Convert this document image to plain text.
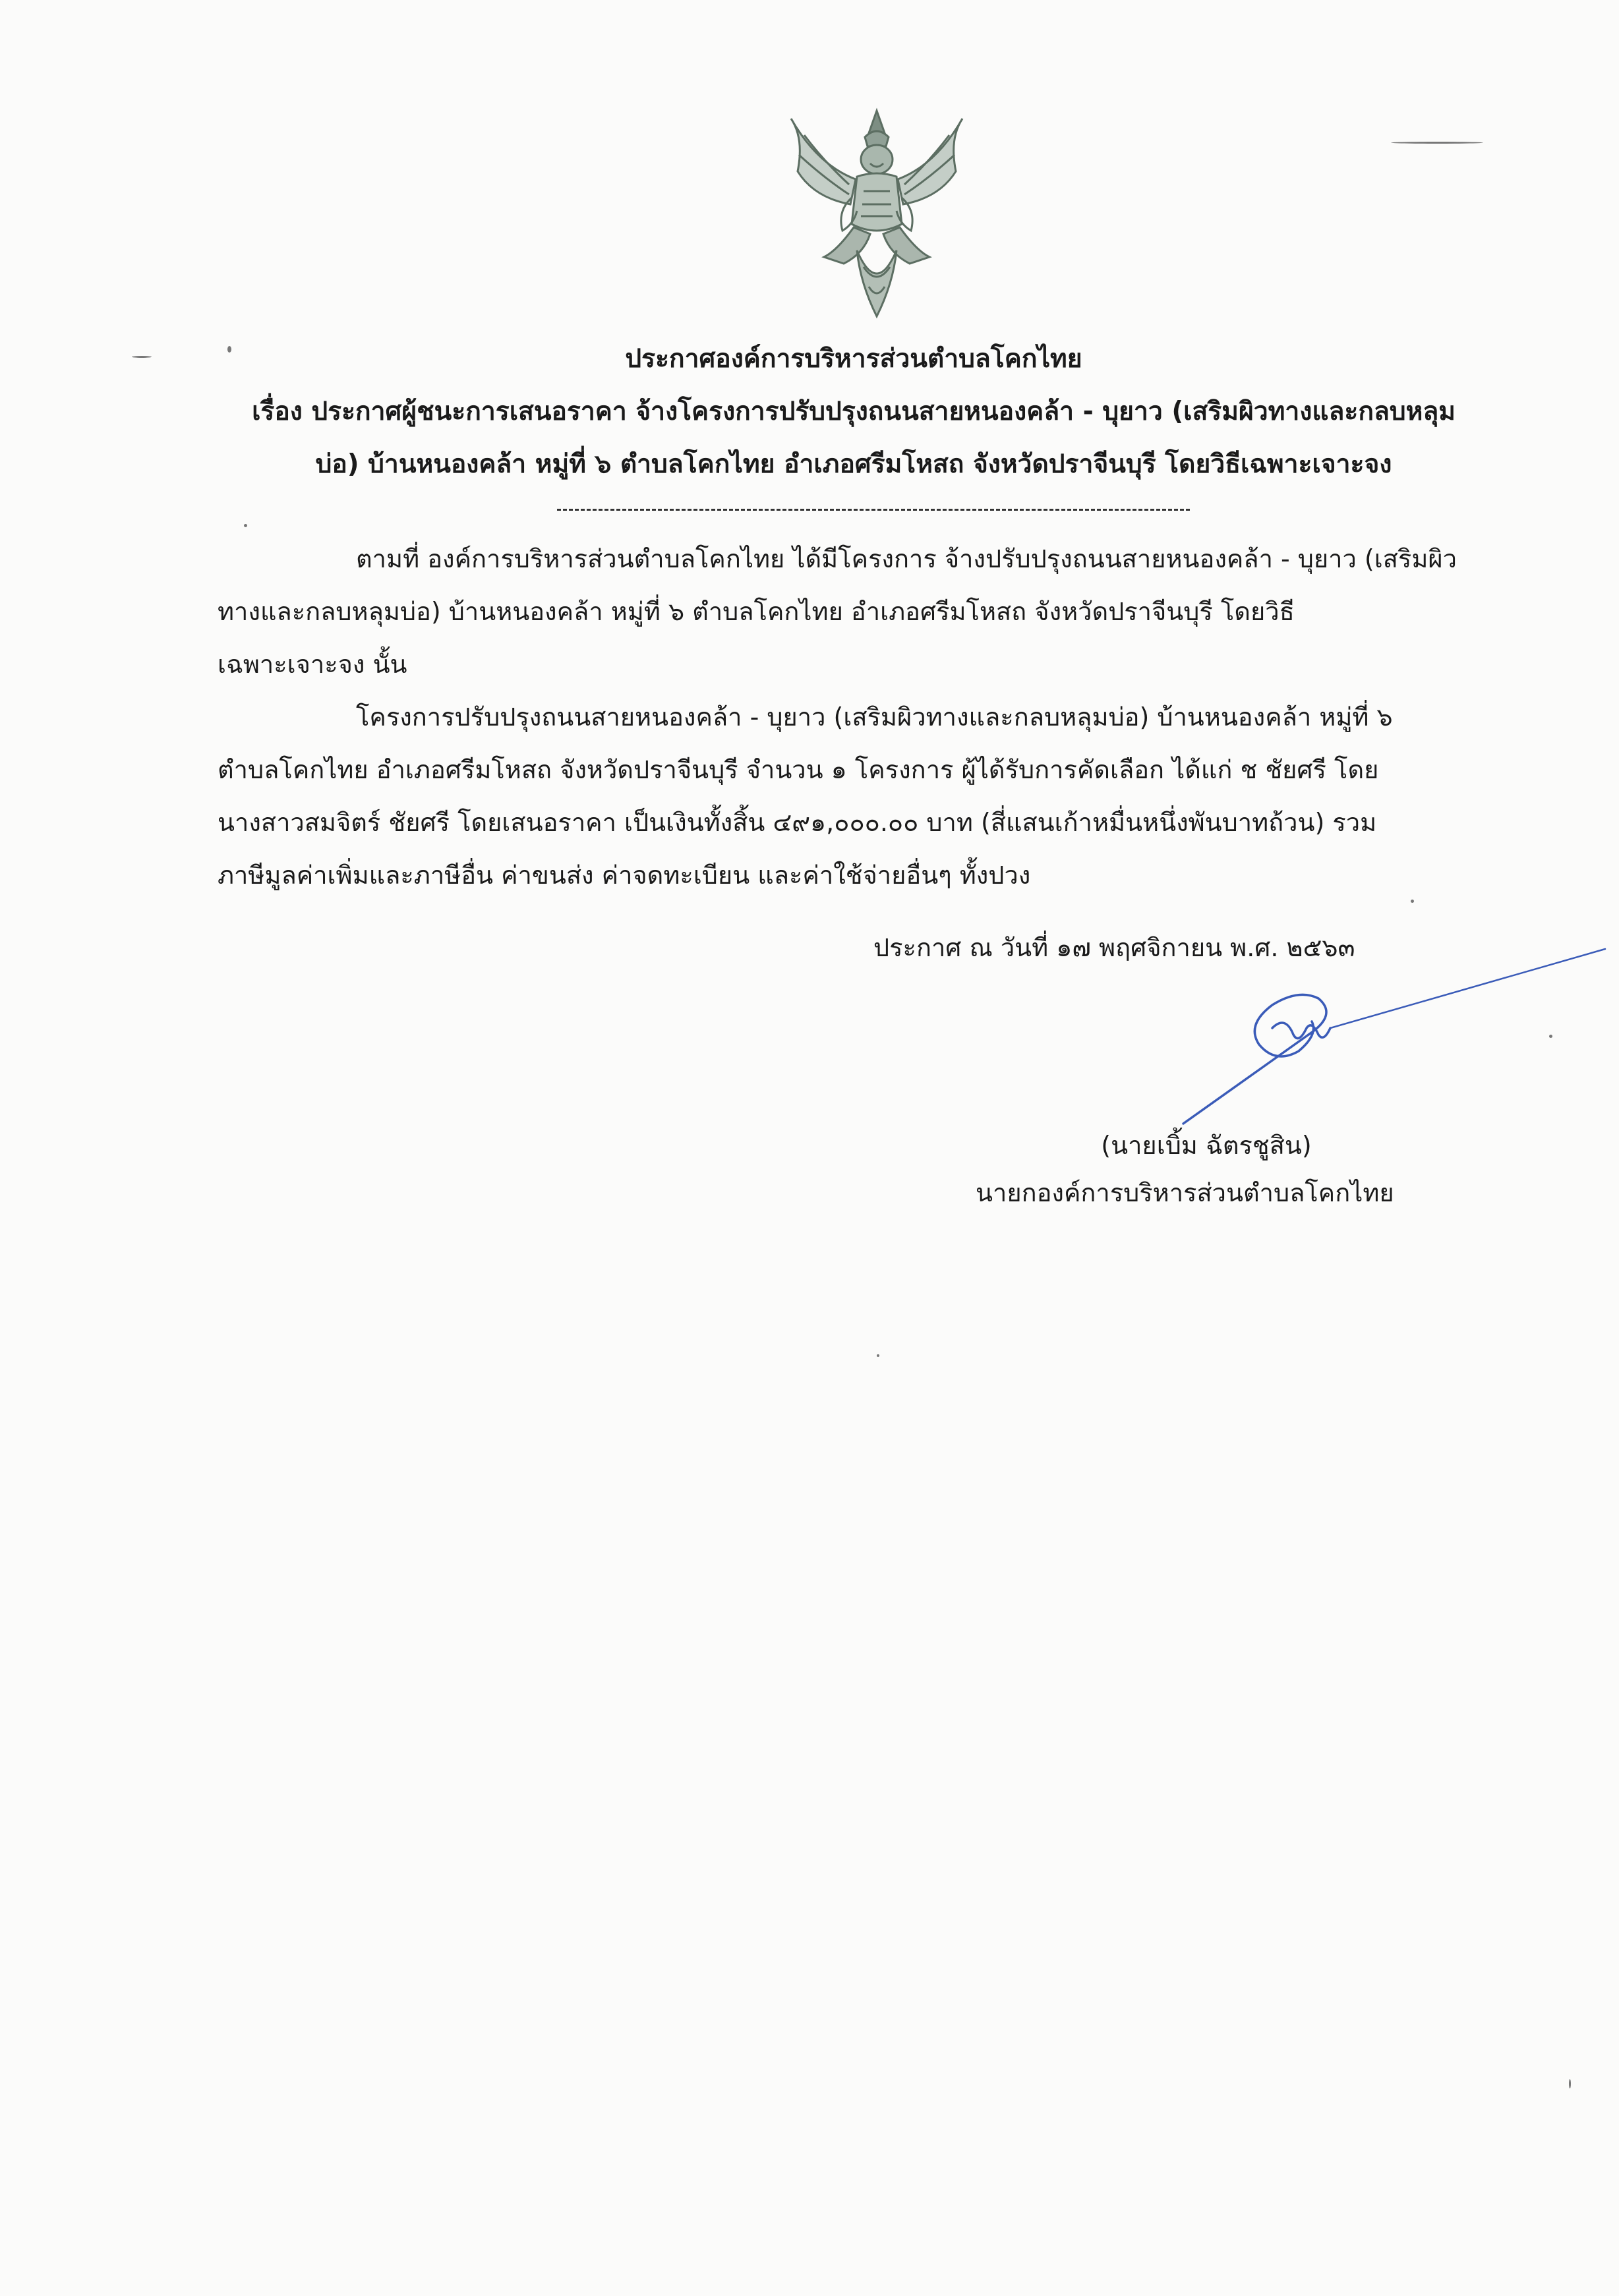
ประกาศองค์การบริหารส่วนตำบลโคกไทย
เรื่อง ประกาศผู้ชนะการเสนอราคา จ้างโครงการปรับปรุงถนนสายหนองคล้า - บุยาว (เสริมผิวทางและกลบหลุม
บ่อ) บ้านหนองคล้า หมู่ที่ ๖ ตำบลโคกไทย อำเภอศรีมโหสถ จังหวัดปราจีนบุรี โดยวิธีเฉพาะเจาะจง
ตามที่ องค์การบริหารส่วนตำบลโคกไทย ได้มีโครงการ จ้างปรับปรุงถนนสายหนองคล้า - บุยาว (เสริมผิว
ทางและกลบหลุมบ่อ) บ้านหนองคล้า หมู่ที่ ๖ ตำบลโคกไทย อำเภอศรีมโหสถ จังหวัดปราจีนบุรี โดยวิธี
เฉพาะเจาะจง นั้น
โครงการปรับปรุงถนนสายหนองคล้า - บุยาว (เสริมผิวทางและกลบหลุมบ่อ) บ้านหนองคล้า หมู่ที่ ๖
ตำบลโคกไทย อำเภอศรีมโหสถ จังหวัดปราจีนบุรี จำนวน ๑ โครงการ ผู้ได้รับการคัดเลือก ได้แก่ ช ชัยศรี โดย
นางสาวสมจิตร์ ชัยศรี โดยเสนอราคา เป็นเงินทั้งสิ้น ๔๙๑,๐๐๐.๐๐ บาท (สี่แสนเก้าหมื่นหนึ่งพันบาทถ้วน) รวม
ภาษีมูลค่าเพิ่มและภาษีอื่น ค่าขนส่ง ค่าจดทะเบียน และค่าใช้จ่ายอื่นๆ ทั้งปวง
ประกาศ ณ วันที่ ๑๗ พฤศจิกายน พ.ศ. ๒๕๖๓
(นายเบิ้ม ฉัตรชูสิน)
นายกองค์การบริหารส่วนตำบลโคกไทย
